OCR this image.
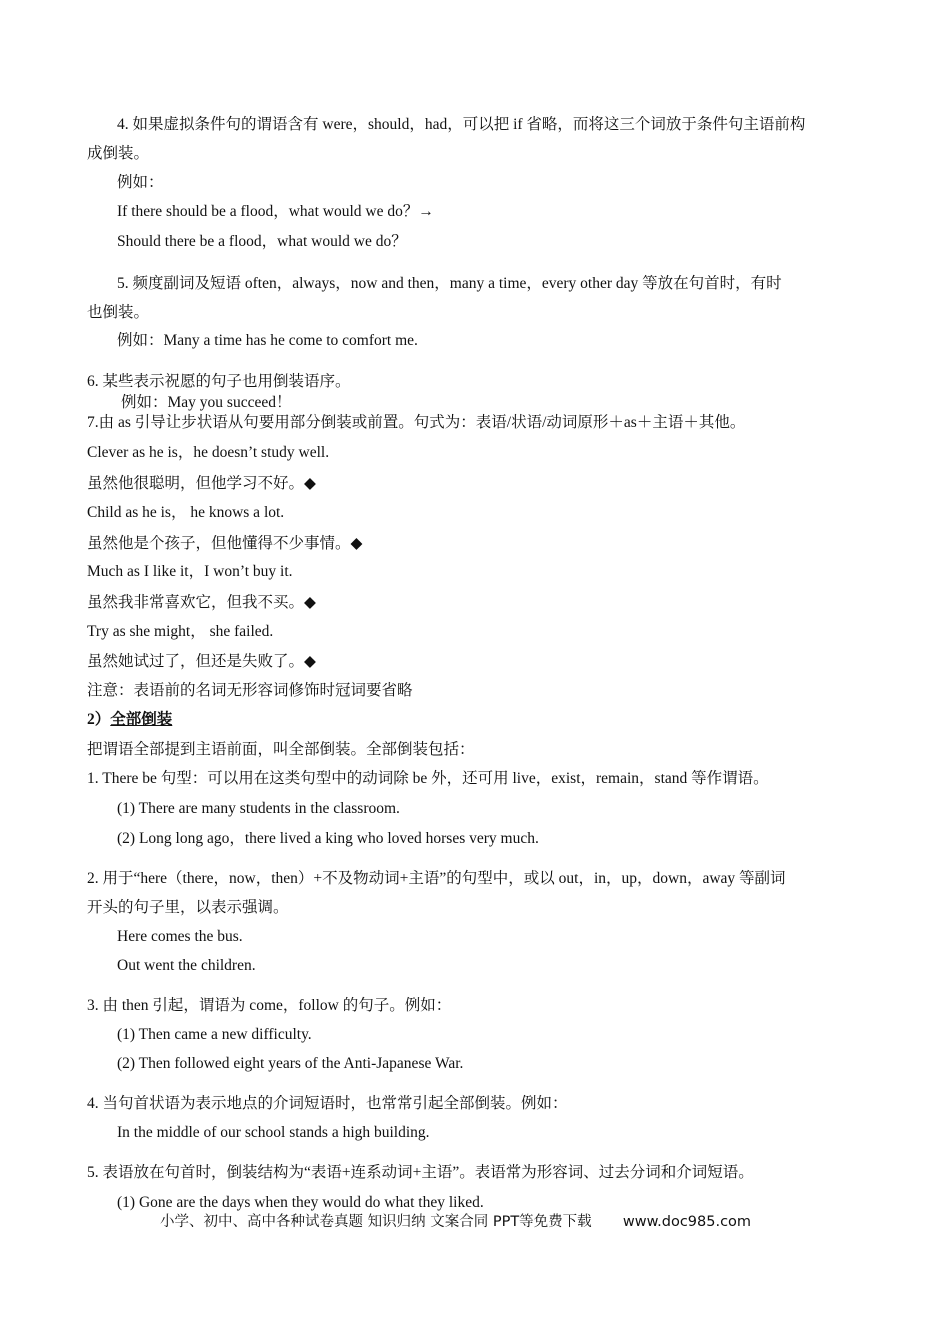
4. 如果虚拟条件句的谓语含有 were，should，had，可以把 if 省略，而将这三个词放于条件句主语前构
成倒装。
例如：
If there should be a flood，what would we do？→
Should there be a flood，what would we do？
5. 频度副词及短语 often，always，now and then，many a time，every other day 等放在句首时，有时
也倒装。
例如：Many a time has he come to comfort me.
6. 某些表示祝愿的句子也用倒装语序。
例如：May you succeed！
7.由 as 引导让步状语从句要用部分倒装或前置。句式为：表语/状语/动词原形＋as＋主语＋其他。
Clever as he is，he doesn’t study well.
虽然他很聪明，但他学习不好。◆
Child as he is， he knows a lot.
虽然他是个孩子，但他懂得不少事情。◆
Much as I like it，I won’t buy it.
虽然我非常喜欢它，但我不买。◆
Try as she might， she failed.
虽然她试过了，但还是失败了。◆
注意：表语前的名词无形容词修饰时冠词要省略
2）全部倒装
把谓语全部提到主语前面，叫全部倒装。全部倒装包括：
1. There be 句型：可以用在这类句型中的动词除 be 外，还可用 live，exist，remain，stand 等作谓语。
(1) There are many students in the classroom.
(2) Long long ago，there lived a king who loved horses very much.
2. 用于“here（there，now，then）+不及物动词+主语”的句型中，或以 out，in，up，down，away 等副词
开头的句子里，以表示强调。
Here comes the bus.
Out went the children.
3. 由 then 引起，谓语为 come，follow 的句子。例如：
(1) Then came a new difficulty.
(2) Then followed eight years of the Anti-Japanese War.
4. 当句首状语为表示地点的介词短语时，也常常引起全部倒装。例如：
In the middle of our school stands a high building.
5. 表语放在句首时，倒装结构为“表语+连系动词+主语”。表语常为形容词、过去分词和介词短语。
(1) Gone are the days when they would do what they liked.
小学、初中、高中各种试卷真题 知识归纳 文案合同 PPT等免费下载 www.doc985.com
